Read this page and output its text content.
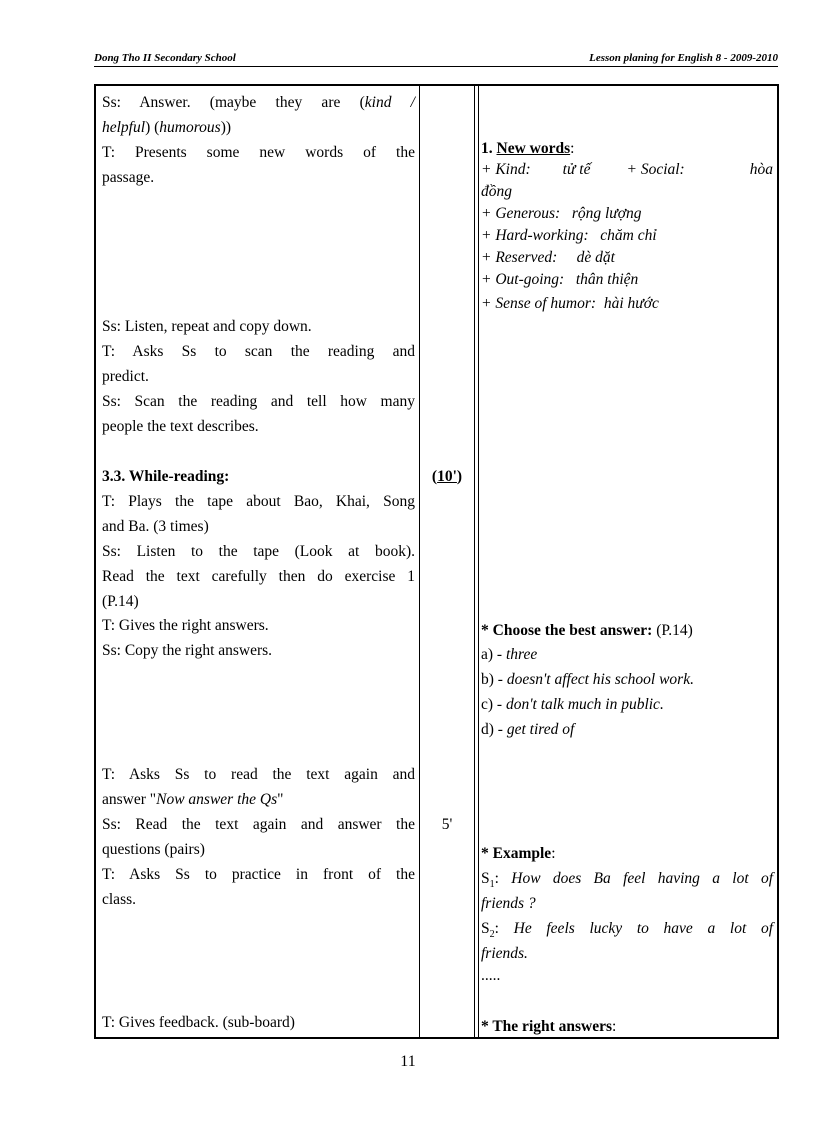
Dong Tho II Secondary School	Lesson planing for English 8 - 2009-2010
Ss: Answer. (maybe they are (kind /
helpful) (humorous))
T: Presents some new words of the
passage.
Ss: Listen, repeat and copy down.
T: Asks Ss to scan the reading and
predict.
Ss: Scan the reading and tell how many
people the text describes.
3.3. While-reading:
T: Plays the tape about Bao, Khai, Song
and Ba. (3 times)
Ss: Listen to the tape (Look at book).
Read the text carefully then do exercise 1
(P.14)
T: Gives the right answers.
Ss: Copy the right answers.
T: Asks Ss to read the text again and
answer "Now answer the Qs"
Ss: Read the text again and answer the
questions (pairs)
T: Asks Ss to practice in front of the
class.
T: Gives feedback. (sub-board)
(10')
5'
1. New words:
+ Kind: tử tế + Social:	hòa
đồng
+ Generous:   rộng lượng
+ Hard-working:   chăm chỉ
+ Reserved:     dè dặt
+ Out-going:   thân thiện
+ Sense of humor:  hài hước
* Choose the best answer: (P.14)
a) - three
b) - doesn't affect his school work.
c) - don't talk much in public.
d) - get tired of
* Example:
$S_1$: How does Ba feel having a lot of
friends ?
$S_2$: He feels lucky to have a lot of
friends.
.....
* The right answers:
11
